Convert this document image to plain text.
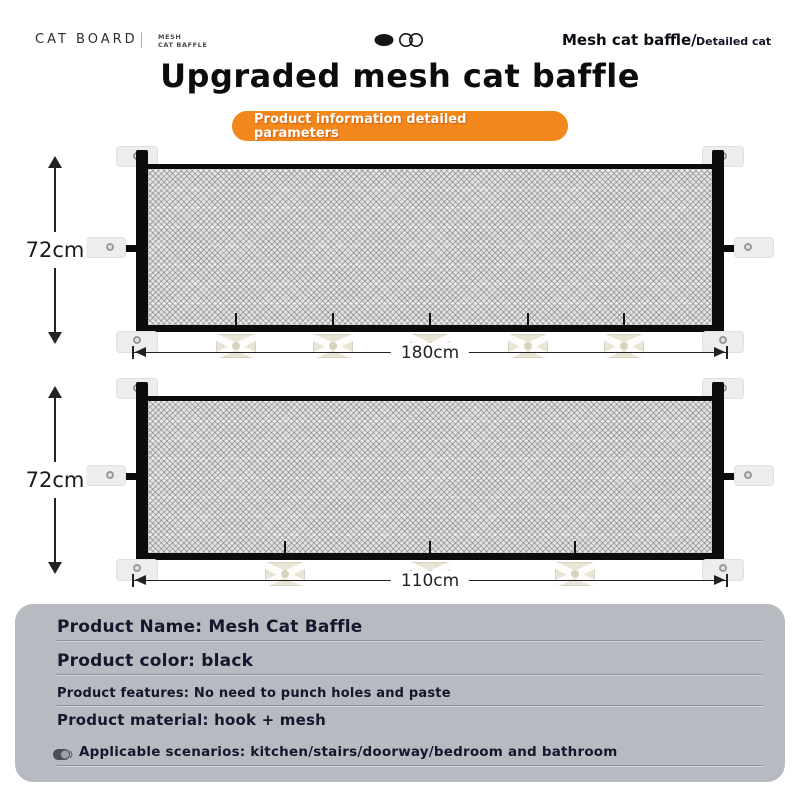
CAT BOARD | MESH
CAT BAFFLE	Mesh cat baffle/ Detailed cat
Upgraded mesh cat baffle
Product information detailed
parameters
180cm
72cm
110cm
72cm
Product Name: Mesh Cat Baffle
Product color: black
Product features: No need to punch holes and paste
Product material: hook + mesh
Applicable scenarios: kitchen/stairs/doorway/bedroom and bathroom
